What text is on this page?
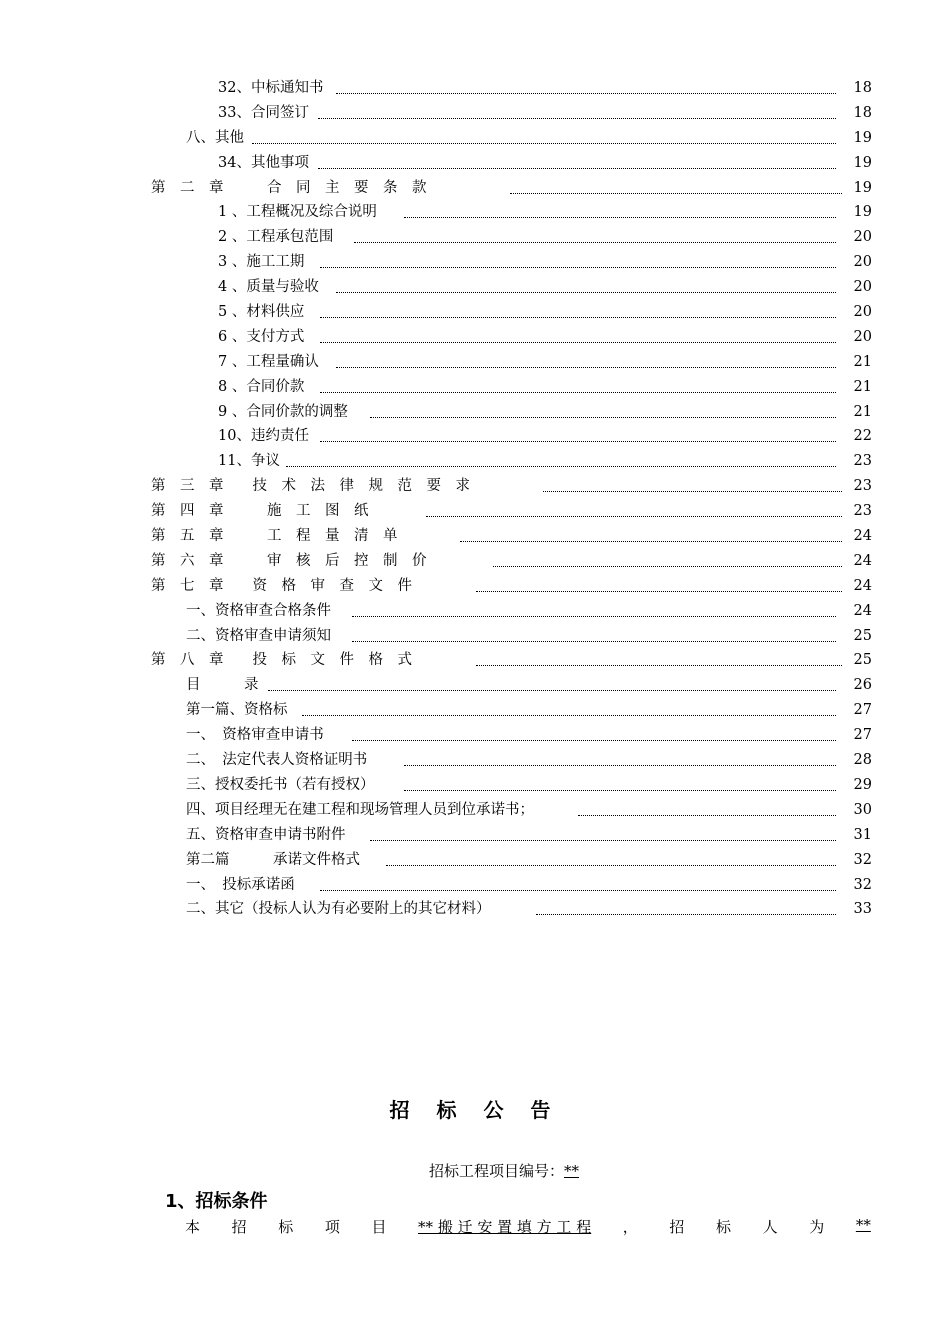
32、中标通知书	18
33、合同签订	18
八、其他	19
34、其他事项	19
第　二　章　　　合　同　主　要　条　款	19
1 、工程概况及综合说明	19
2 、工程承包范围	20
3 、施工工期	20
4 、质量与验收	20
5 、材料供应	20
6 、支付方式	20
7 、工程量确认	21
8 、合同价款	21
9 、合同价款的调整	21
10、违约责任	22
11、争议	23
第　三　章　　技　术　法　律　规　范　要　求	23
第　四　章　　　施　工　图　纸	23
第　五　章　　　工　程　量　清　单	24
第　六　章　　　审　核　后　控　制　价	24
第　七　章　　资　格　审　查　文　件	24
一、资格审查合格条件	24
二、资格审查申请须知	25
第　八　章　　投　标　文　件　格　式	25
目　　　录	26
第一篇、资格标	27
一、　资格审查申请书	27
二、　法定代表人资格证明书	28
三、授权委托书（若有授权）	29
四、项目经理无在建工程和现场管理人员到位承诺书；	30
五、资格审查申请书附件	31
第二篇　　　承诺文件格式	32
一、　投标承诺函	32
二、其它（投标人认为有必要附上的其它材料）	33
招 标 公 告
招标工程项目编号：**
1、招标条件
本 招 标 项 目 ** 搬 迁 安 置 填 方 工 程 ， 招 标 人 为 **
